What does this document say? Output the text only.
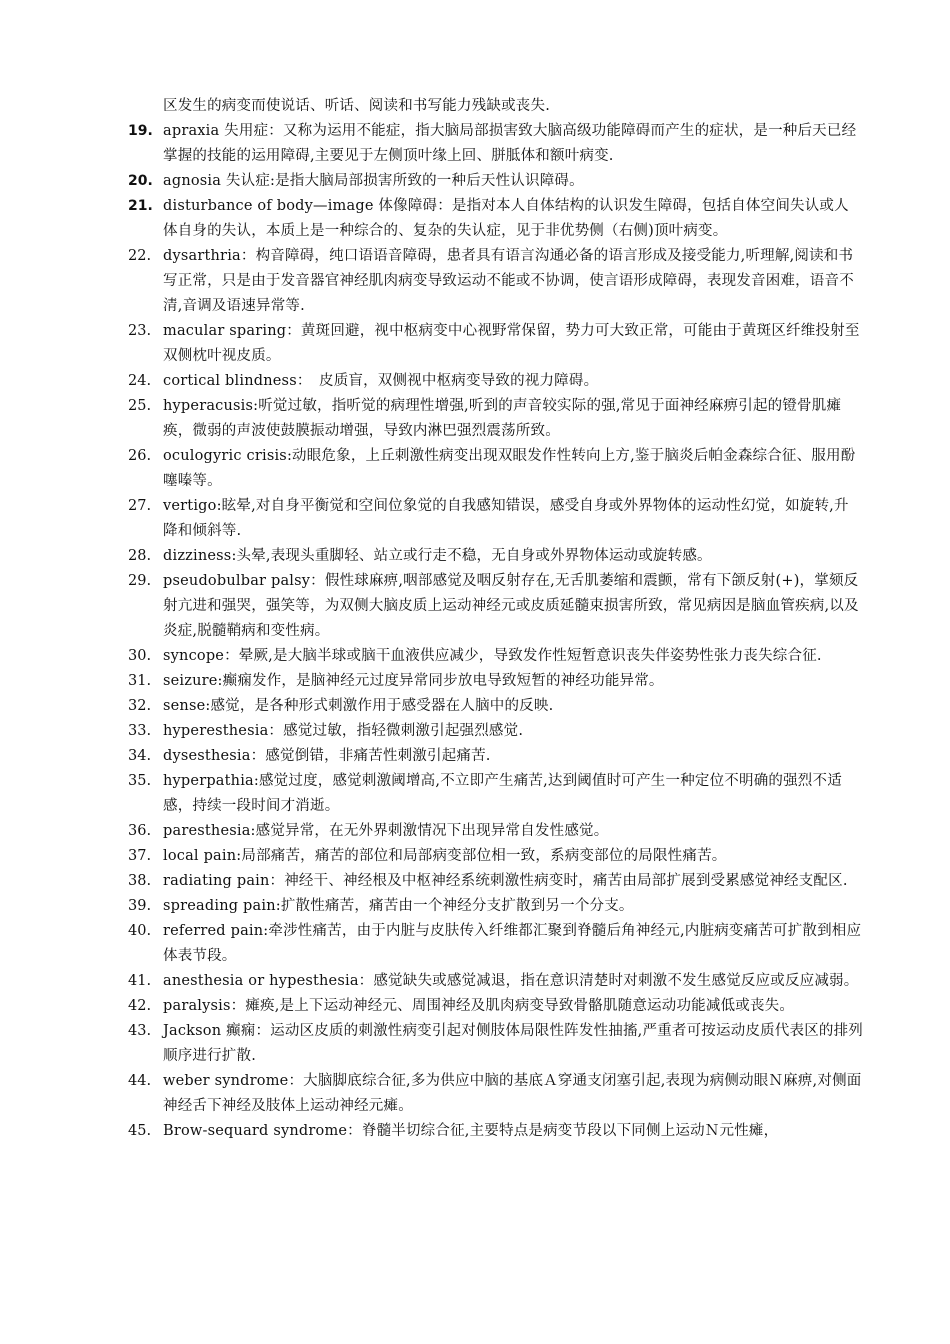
区发生的病变而使说话、听话、阅读和书写能力残缺或丧失.
19. apraxia 失用症：又称为运用不能症，指大脑局部损害致大脑高级功能障碍而产生的症状，是一种后天已经掌握的技能的运用障碍,主要见于左侧顶叶缘上回、胼胝体和额叶病变.
20. agnosia 失认症:是指大脑局部损害所致的一种后天性认识障碍。
21. disturbance of body—image 体像障碍：是指对本人自体结构的认识发生障碍，包括自体空间失认或人体自身的失认，本质上是一种综合的、复杂的失认症，见于非优势侧（右侧)顶叶病变。
22. dysarthria：构音障碍，纯口语语音障碍，患者具有语言沟通必备的语言形成及接受能力,听理解,阅读和书写正常，只是由于发音器官神经肌肉病变导致运动不能或不协调，使言语形成障碍，表现发音困难，语音不清,音调及语速异常等.
23. macular sparing：黄斑回避，视中枢病变中心视野常保留，势力可大致正常，可能由于黄斑区纤维投射至双侧枕叶视皮质。
24. cortical blindness：　皮质盲，双侧视中枢病变导致的视力障碍。
25. hyperacusis:听觉过敏，指听觉的病理性增强,听到的声音较实际的强,常见于面神经麻痹引起的镫骨肌瘫痪，微弱的声波使鼓膜振动增强，导致内淋巴强烈震荡所致。
26. oculogyric crisis:动眼危象，上丘刺激性病变出现双眼发作性转向上方,鉴于脑炎后帕金森综合征、服用酚噻嗪等。
27. vertigo:眩晕,对自身平衡觉和空间位象觉的自我感知错误，感受自身或外界物体的运动性幻觉，如旋转,升降和倾斜等.
28. dizziness:头晕,表现头重脚轻、站立或行走不稳，无自身或外界物体运动或旋转感。
29. pseudobulbar palsy：假性球麻痹,咽部感觉及咽反射存在,无舌肌萎缩和震颤，常有下颌反射(+)，掌颏反射亢进和强哭，强笑等，为双侧大脑皮质上运动神经元或皮质延髓束损害所致，常见病因是脑血管疾病,以及炎症,脱髓鞘病和变性病。
30. syncope：晕厥,是大脑半球或脑干血液供应减少，导致发作性短暂意识丧失伴姿势性张力丧失综合征.
31. seizure:癫痫发作，是脑神经元过度异常同步放电导致短暂的神经功能异常。
32. sense:感觉，是各种形式刺激作用于感受器在人脑中的反映.
33. hyperesthesia：感觉过敏，指轻微刺激引起强烈感觉.
34. dysesthesia：感觉倒错，非痛苦性刺激引起痛苦.
35. hyperpathia:感觉过度，感觉刺激阈增高,不立即产生痛苦,达到阈值时可产生一种定位不明确的强烈不适感，持续一段时间才消逝。
36. paresthesia:感觉异常，在无外界刺激情况下出现异常自发性感觉。
37. local pain:局部痛苦，痛苦的部位和局部病变部位相一致，系病变部位的局限性痛苦。
38. radiating pain：神经干、神经根及中枢神经系统刺激性病变时，痛苦由局部扩展到受累感觉神经支配区.
39. spreading pain:扩散性痛苦，痛苦由一个神经分支扩散到另一个分支。
40. referred pain:牵涉性痛苦，由于内脏与皮肤传入纤维都汇聚到脊髓后角神经元,内脏病变痛苦可扩散到相应体表节段。
41. anesthesia or hypesthesia：感觉缺失或感觉减退，指在意识清楚时对刺激不发生感觉反应或反应减弱。
42. paralysis：瘫痪,是上下运动神经元、周围神经及肌肉病变导致骨骼肌随意运动功能减低或丧失。
43. Jackson 癫痫：运动区皮质的刺激性病变引起对侧肢体局限性阵发性抽搐,严重者可按运动皮质代表区的排列顺序进行扩散.
44. weber syndrome：大脑脚底综合征,多为供应中脑的基底Ａ穿通支闭塞引起,表现为病侧动眼Ｎ麻痹,对侧面神经舌下神经及肢体上运动神经元瘫。
45. Brow-sequard syndrome：脊髓半切综合征,主要特点是病变节段以下同侧上运动Ｎ元性瘫，
